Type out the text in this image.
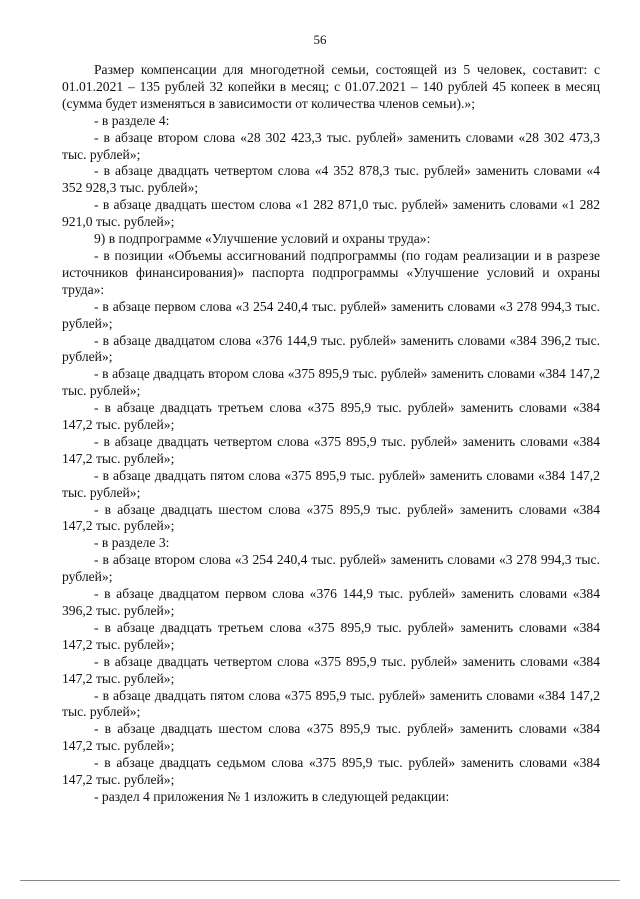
56

Размер компенсации для многодетной семьи, состоящей из 5 человек, составит: с 01.01.2021 – 135 рублей 32 копейки в месяц; с 01.07.2021 – 140 рублей 45 копеек в месяц (сумма будет изменяться в зависимости от количества членов семьи).»;

- в разделе 4:

- в абзаце втором слова «28 302 423,3 тыс. рублей» заменить словами «28 302 473,3 тыс. рублей»;

- в абзаце двадцать четвертом слова «4 352 878,3 тыс. рублей» заменить словами «4 352 928,3 тыс. рублей»;

- в абзаце двадцать шестом слова «1 282 871,0 тыс. рублей» заменить словами «1 282 921,0 тыс. рублей»;

9) в подпрограмме «Улучшение условий и охраны труда»:

- в позиции «Объемы ассигнований подпрограммы (по годам реализации и в разрезе источников финансирования)» паспорта подпрограммы «Улучшение условий и охраны труда»:

- в абзаце первом слова «3 254 240,4 тыс. рублей» заменить словами «3 278 994,3 тыс. рублей»;

- в абзаце двадцатом слова «376 144,9 тыс. рублей» заменить словами «384 396,2 тыс. рублей»;

- в абзаце двадцать втором слова «375 895,9 тыс. рублей» заменить словами «384 147,2 тыс. рублей»;

- в абзаце двадцать третьем слова «375 895,9 тыс. рублей» заменить словами «384 147,2 тыс. рублей»;

- в абзаце двадцать четвертом слова «375 895,9 тыс. рублей» заменить словами «384 147,2 тыс. рублей»;

- в абзаце двадцать пятом слова «375 895,9 тыс. рублей» заменить словами «384 147,2 тыс. рублей»;

- в абзаце двадцать шестом слова «375 895,9 тыс. рублей» заменить словами «384 147,2 тыс. рублей»;

- в разделе 3:

- в абзаце втором слова «3 254 240,4 тыс. рублей» заменить словами «3 278 994,3 тыс. рублей»;

- в абзаце двадцатом первом слова «376 144,9 тыс. рублей» заменить словами «384 396,2 тыс. рублей»;

- в абзаце двадцать третьем слова «375 895,9 тыс. рублей» заменить словами «384 147,2 тыс. рублей»;

- в абзаце двадцать четвертом слова «375 895,9 тыс. рублей» заменить словами «384 147,2 тыс. рублей»;

- в абзаце двадцать пятом слова «375 895,9 тыс. рублей» заменить словами «384 147,2 тыс. рублей»;

- в абзаце двадцать шестом слова «375 895,9 тыс. рублей» заменить словами «384 147,2 тыс. рублей»;

- в абзаце двадцать седьмом слова «375 895,9 тыс. рублей» заменить словами «384 147,2 тыс. рублей»;

- раздел 4 приложения № 1 изложить в следующей редакции:
